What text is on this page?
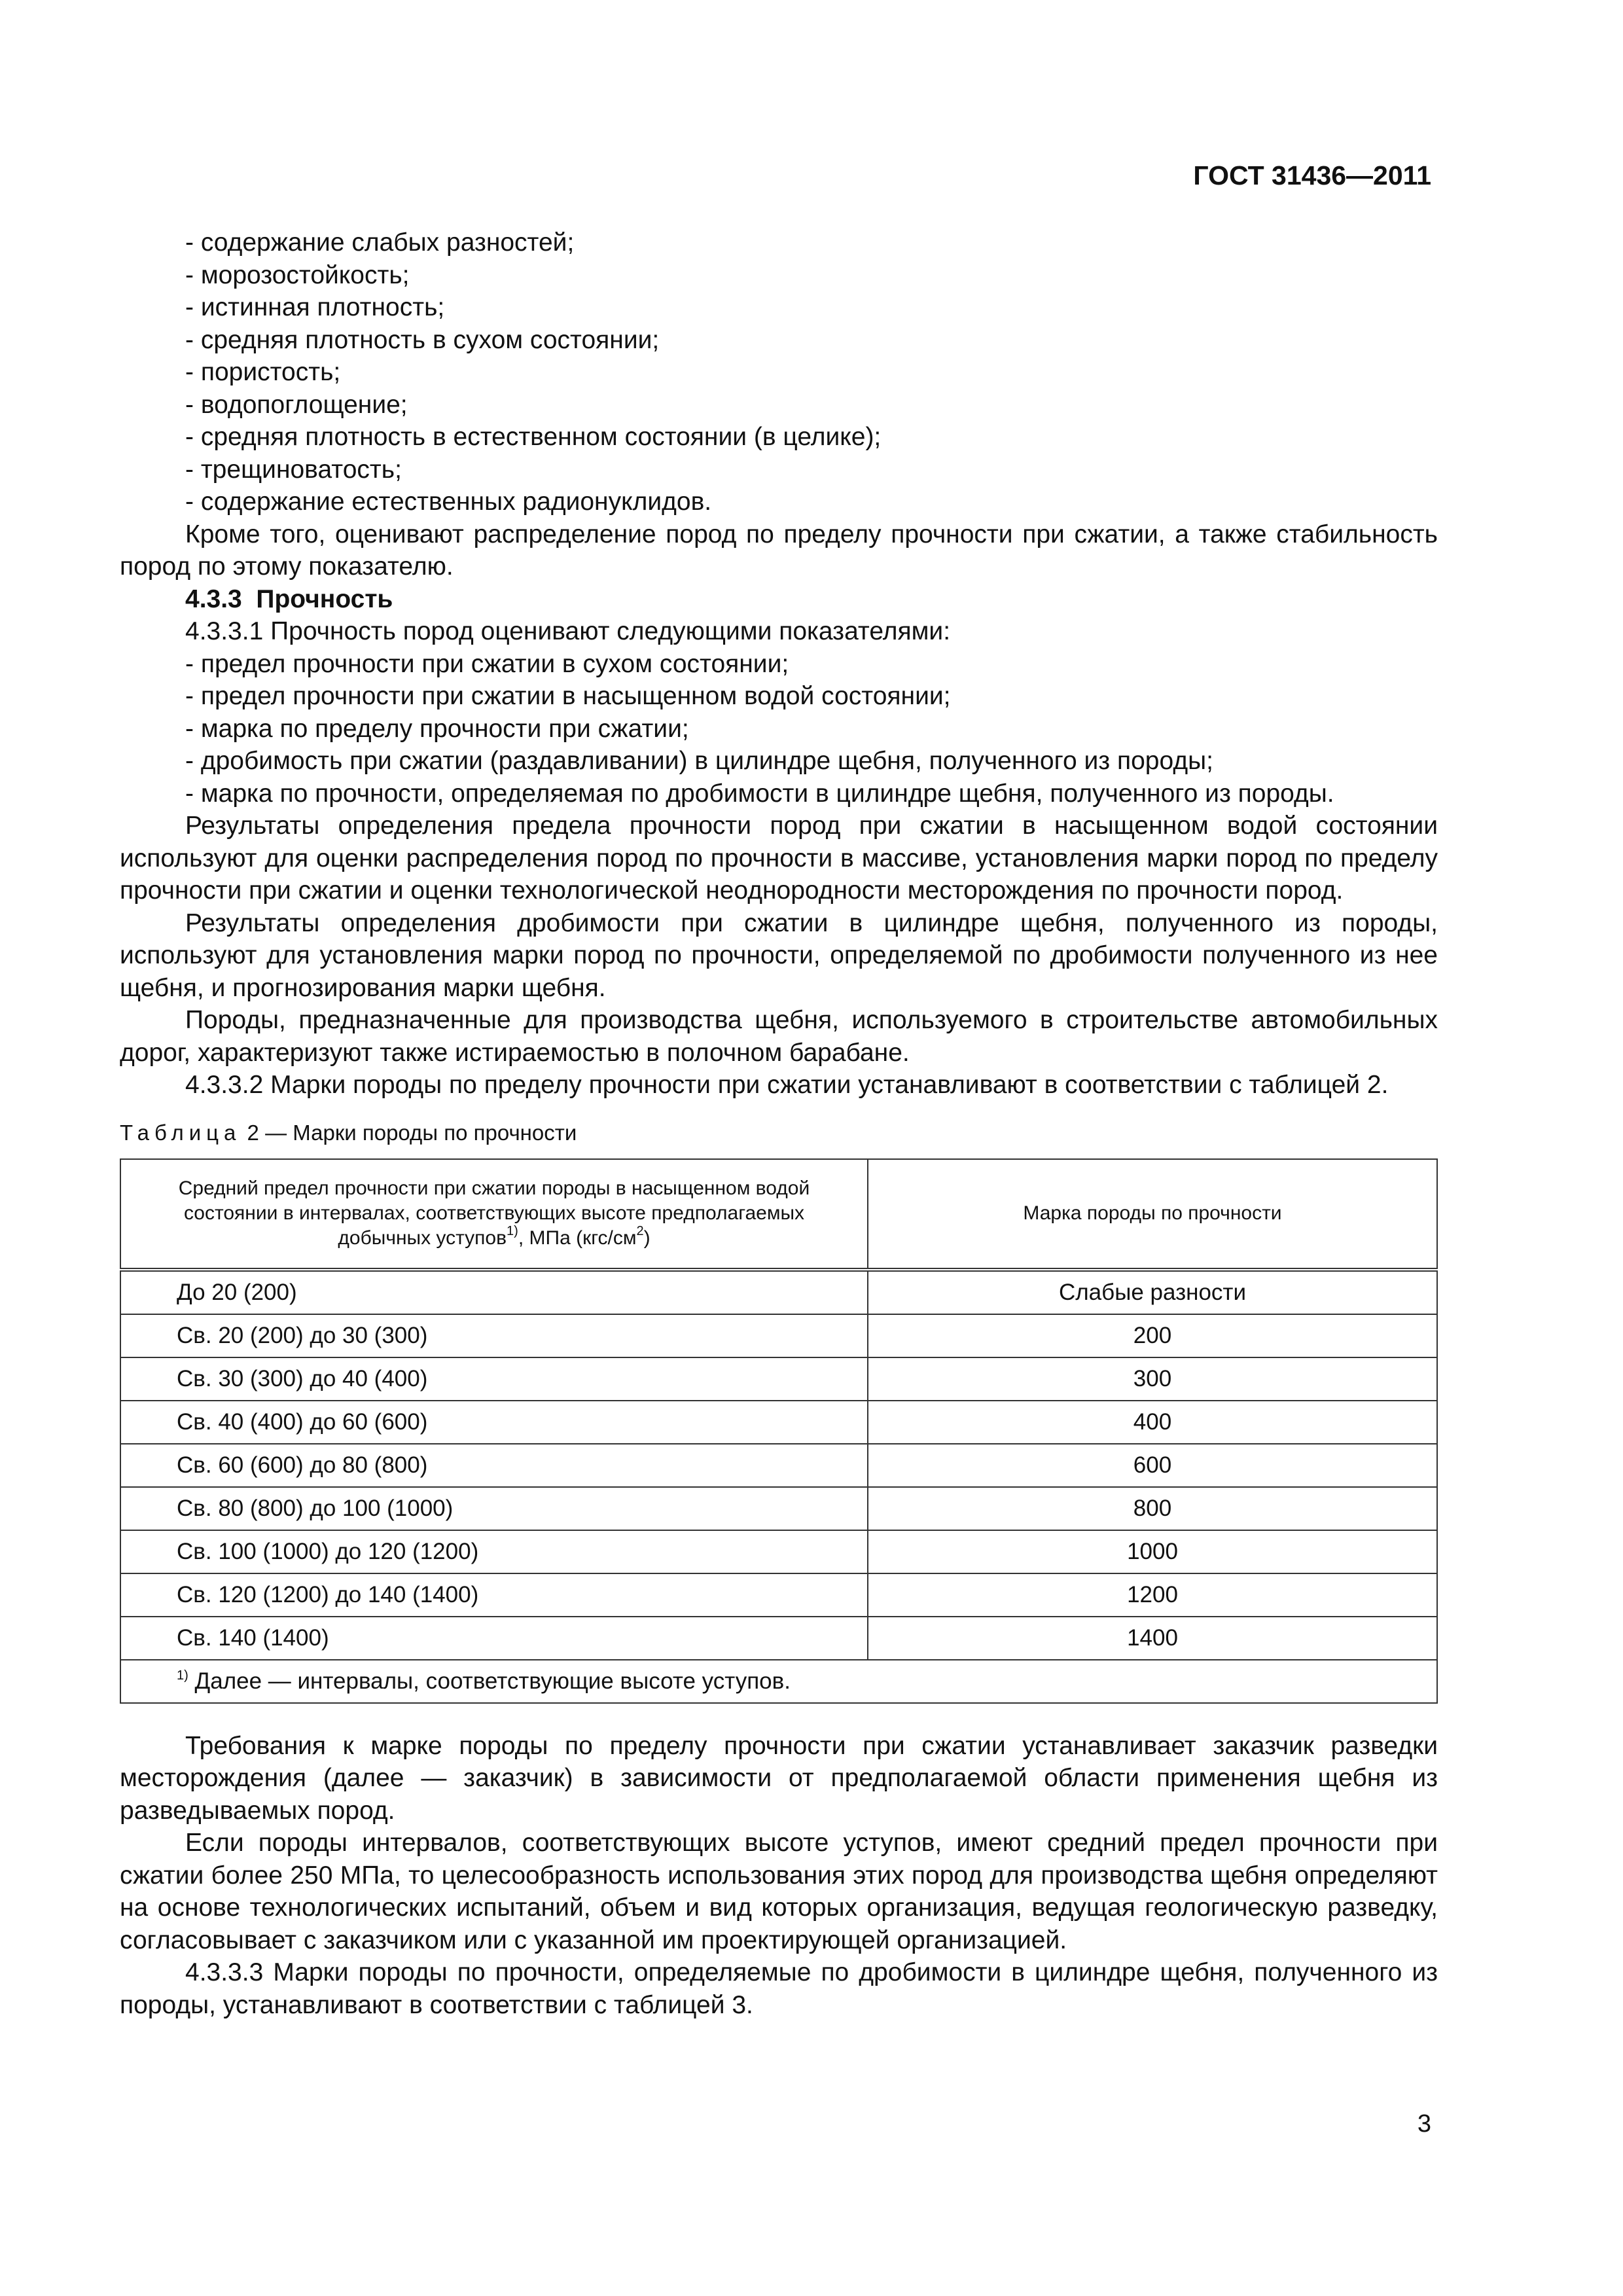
ГОСТ 31436—2011
- содержание слабых разностей;
- морозостойкость;
- истинная плотность;
- средняя плотность в сухом состоянии;
- пористость;
- водопоглощение;
- средняя плотность в естественном состоянии (в целике);
- трещиноватость;
- содержание естественных радионуклидов.

Кроме того, оценивают распределение пород по пределу прочности при сжатии, а также стабильность пород по этому показателю.

4.3.3 Прочность
4.3.3.1 Прочность пород оценивают следующими показателями:
- предел прочности при сжатии в сухом состоянии;
- предел прочности при сжатии в насыщенном водой состоянии;
- марка по пределу прочности при сжатии;
- дробимость при сжатии (раздавливании) в цилиндре щебня, полученного из породы;
- марка по прочности, определяемая по дробимости в цилиндре щебня, полученного из породы.

Результаты определения предела прочности пород при сжатии в насыщенном водой состоянии используют для оценки распределения пород по прочности в массиве, установления марки пород по пределу прочности при сжатии и оценки технологической неоднородности месторождения по прочности пород.

Результаты определения дробимости при сжатии в цилиндре щебня, полученного из породы, используют для установления марки пород по прочности, определяемой по дробимости полученного из нее щебня, и прогнозирования марки щебня.

Породы, предназначенные для производства щебня, используемого в строительстве автомобильных дорог, характеризуют также истираемостью в полочном барабане.

4.3.3.2 Марки породы по пределу прочности при сжатии устанавливают в соответствии с таблицей 2.

Таблица 2 — Марки породы по прочности
Средний предел прочности при сжатии породы в насыщенном водой состоянии в интервалах, соответствующих высоте предполагаемых добычных уступов$^{1)}$, МПа $(кгс/см^2)$	Марка породы по прочности
До 20 (200)	Слабые разности
Св. 20 (200) до 30 (300)	200
Св. 30 (300) до 40 (400)	300
Св. 40 (400) до 60 (600)	400
Св. 60 (600) до 80 (800)	600
Св. 80 (800) до 100 (1000)	800
Св. 100 (1000) до 120 (1200)	1000
Св. 120 (1200) до 140 (1400)	1200
Св. 140 (1400)	1400
$^{1)}$ Далее — интервалы, соответствующие высоте уступов.	

Требования к марке породы по пределу прочности при сжатии устанавливает заказчик разведки месторождения (далее — заказчик) в зависимости от предполагаемой области применения щебня из разведываемых пород.

Если породы интервалов, соответствующих высоте уступов, имеют средний предел прочности при сжатии более 250 МПа, то целесообразность использования этих пород для производства щебня определяют на основе технологических испытаний, объем и вид которых организация, ведущая геологическую разведку, согласовывает с заказчиком или с указанной им проектирующей организацией.

4.3.3.3 Марки породы по прочности, определяемые по дробимости в цилиндре щебня, полученного из породы, устанавливают в соответствии с таблицей 3.

3
